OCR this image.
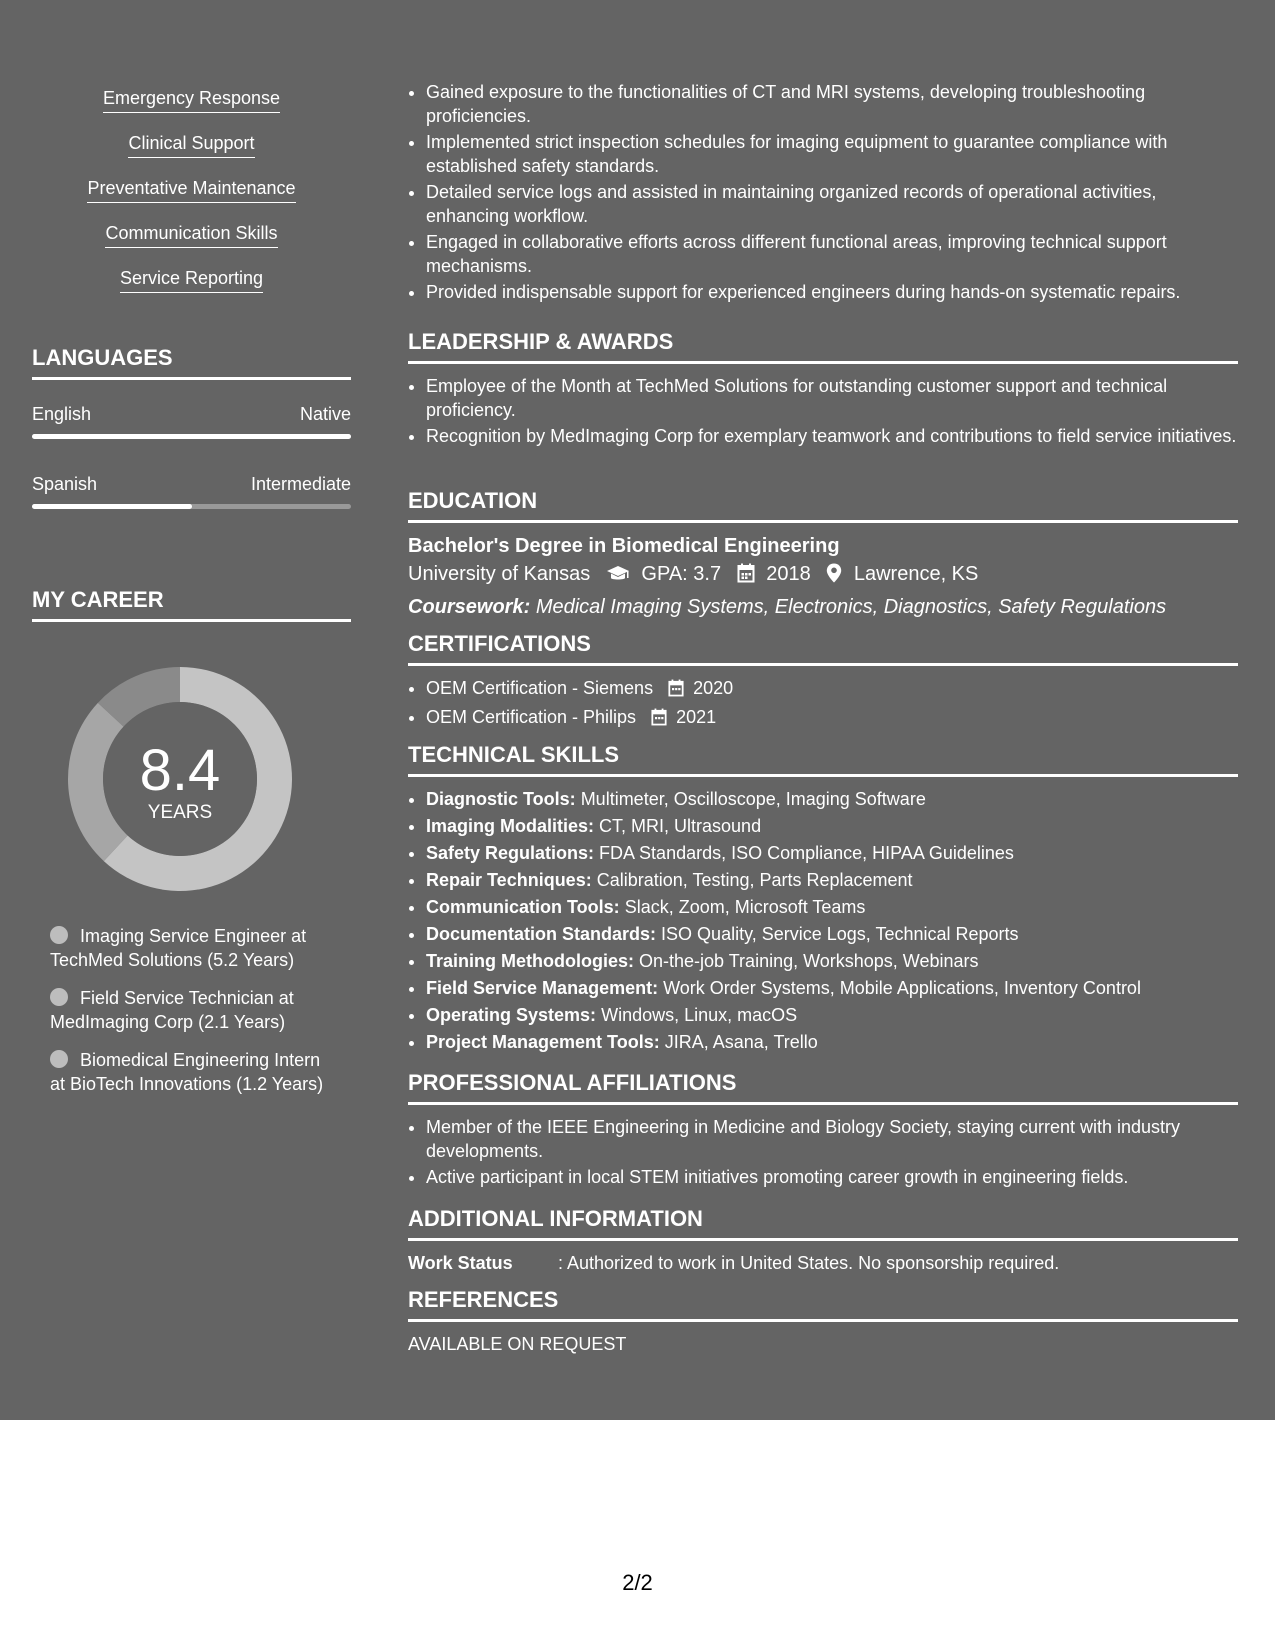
Emergency Response
Clinical Support
Preventative Maintenance
Communication Skills
Service Reporting
LANGUAGES
English	Native
Spanish	Intermediate
MY CAREER
8.4
YEARS
Imaging Service Engineer at TechMed Solutions (5.2 Years)
Field Service Technician at MedImaging Corp (2.1 Years)
Biomedical Engineering Intern at BioTech Innovations (1.2 Years)
• Gained exposure to the functionalities of CT and MRI systems, developing troubleshooting proficiencies.
• Implemented strict inspection schedules for imaging equipment to guarantee compliance with established safety standards.
• Detailed service logs and assisted in maintaining organized records of operational activities, enhancing workflow.
• Engaged in collaborative efforts across different functional areas, improving technical support mechanisms.
• Provided indispensable support for experienced engineers during hands-on systematic repairs.
LEADERSHIP & AWARDS
• Employee of the Month at TechMed Solutions for outstanding customer support and technical proficiency.
• Recognition by MedImaging Corp for exemplary teamwork and contributions to field service initiatives.
EDUCATION
Bachelor's Degree in Biomedical Engineering
University of Kansas	GPA: 3.7 2018 Lawrence, KS
Coursework: Medical Imaging Systems, Electronics, Diagnostics, Safety Regulations
CERTIFICATIONS
• OEM Certification - Siemens 2020
• OEM Certification - Philips 2021
TECHNICAL SKILLS
• Diagnostic Tools: Multimeter, Oscilloscope, Imaging Software
• Imaging Modalities: CT, MRI, Ultrasound
• Safety Regulations: FDA Standards, ISO Compliance, HIPAA Guidelines
• Repair Techniques: Calibration, Testing, Parts Replacement
• Communication Tools: Slack, Zoom, Microsoft Teams
• Documentation Standards: ISO Quality, Service Logs, Technical Reports
• Training Methodologies: On-the-job Training, Workshops, Webinars
• Field Service Management: Work Order Systems, Mobile Applications, Inventory Control
• Operating Systems: Windows, Linux, macOS
• Project Management Tools: JIRA, Asana, Trello
PROFESSIONAL AFFILIATIONS
• Member of the IEEE Engineering in Medicine and Biology Society, staying current with industry developments.
• Active participant in local STEM initiatives promoting career growth in engineering fields.
ADDITIONAL INFORMATION
Work Status	: Authorized to work in United States. No sponsorship required.
REFERENCES
AVAILABLE ON REQUEST
2/2
